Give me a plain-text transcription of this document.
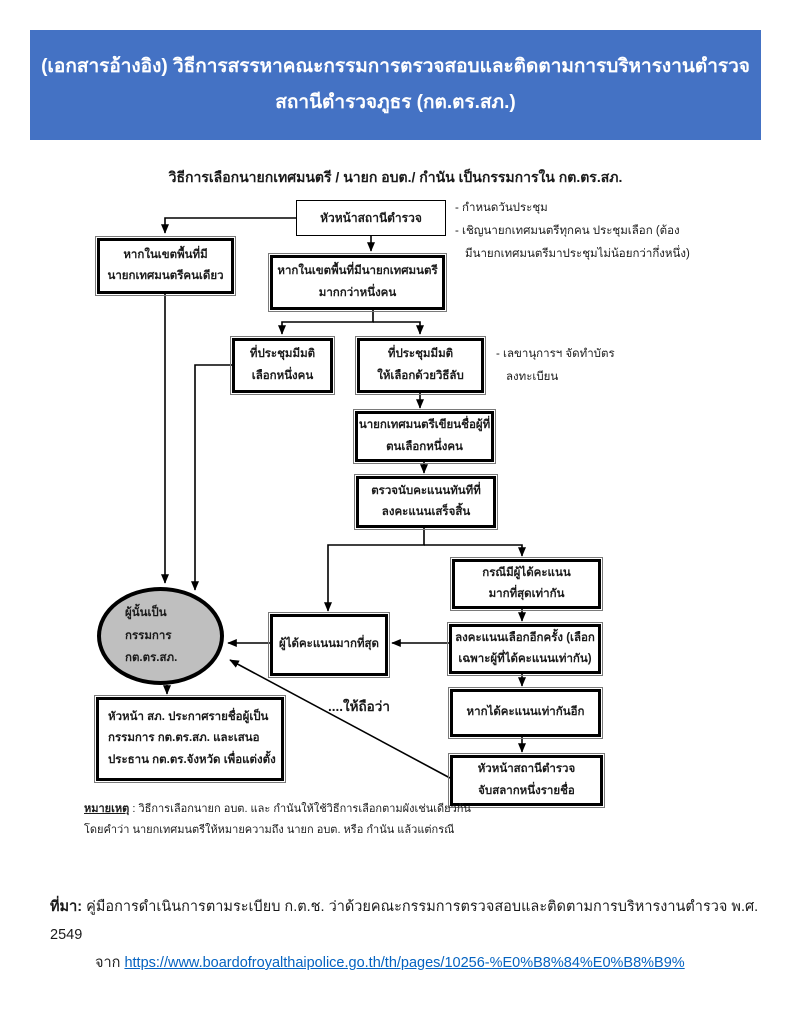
(เอกสารอ้างอิง) วิธีการสรรหาคณะกรรมการตรวจสอบและติดตามการบริหารงานตำรวจ
สถานีตำรวจภูธร (กต.ตร.สภ.)
วิธีการเลือกนายกเทศมนตรี / นายก อบต./ กำนัน เป็นกรรมการใน กต.ตร.สภ.
หัวหน้าสถานีตำรวจ
- กำหนดวันประชุม
- เชิญนายกเทศมนตรีทุกคน ประชุมเลือก (ต้อง
มีนายกเทศมนตรีมาประชุมไม่น้อยกว่ากึ่งหนึ่ง)
หากในเขตพื้นที่มี
นายกเทศมนตรีคนเดียว	หากในเขตพื้นที่มีนายกเทศมนตรี
มากกว่าหนึ่งคน
ที่ประชุมมีมติ
เลือกหนึ่งคน
ที่ประชุมมีมติ
ให้เลือกด้วยวิธีลับ
- เลขานุการฯ จัดทำบัตร
ลงทะเบียน
นายกเทศมนตรีเขียนชื่อผู้ที่
ตนเลือกหนึ่งคน
ตรวจนับคะแนนทันทีที่
ลงคะแนนเสร็จสิ้น
กรณีมีผู้ได้คะแนน
มากที่สุดเท่ากัน
ผู้ได้คะแนนมากที่สุด
ลงคะแนนเลือกอีกครั้ง (เลือก
เฉพาะผู้ที่ได้คะแนนเท่ากัน)
หากได้คะแนนเท่ากันอีก
หัวหน้าสถานีตำรวจ
จับสลากหนึ่งรายชื่อ
หัวหน้า สภ. ประกาศรายชื่อผู้เป็น
กรรมการ กต.ตร.สภ. และเสนอ
ประธาน กต.ตร.จังหวัด เพื่อแต่งตั้ง
ผู้นั้นเป็น
กรรมการ
กต.ตร.สภ.
....ให้ถือว่า
หมายเหตุ : วิธีการเลือกนายก อบต. และ กำนันให้ใช้วิธีการเลือกตามผังเช่นเดียวกัน
โดยคำว่า นายกเทศมนตรีให้หมายความถึง นายก อบต. หรือ กำนัน แล้วแต่กรณี
ที่มา: คู่มือการดำเนินการตามระเบียบ ก.ต.ช. ว่าด้วยคณะกรรมการตรวจสอบและติดตามการบริหารงานตำรวจ พ.ศ. 2549
จาก https://www.boardofroyalthaipolice.go.th/th/pages/10256-%E0%B8%84%E0%B8%B9%
